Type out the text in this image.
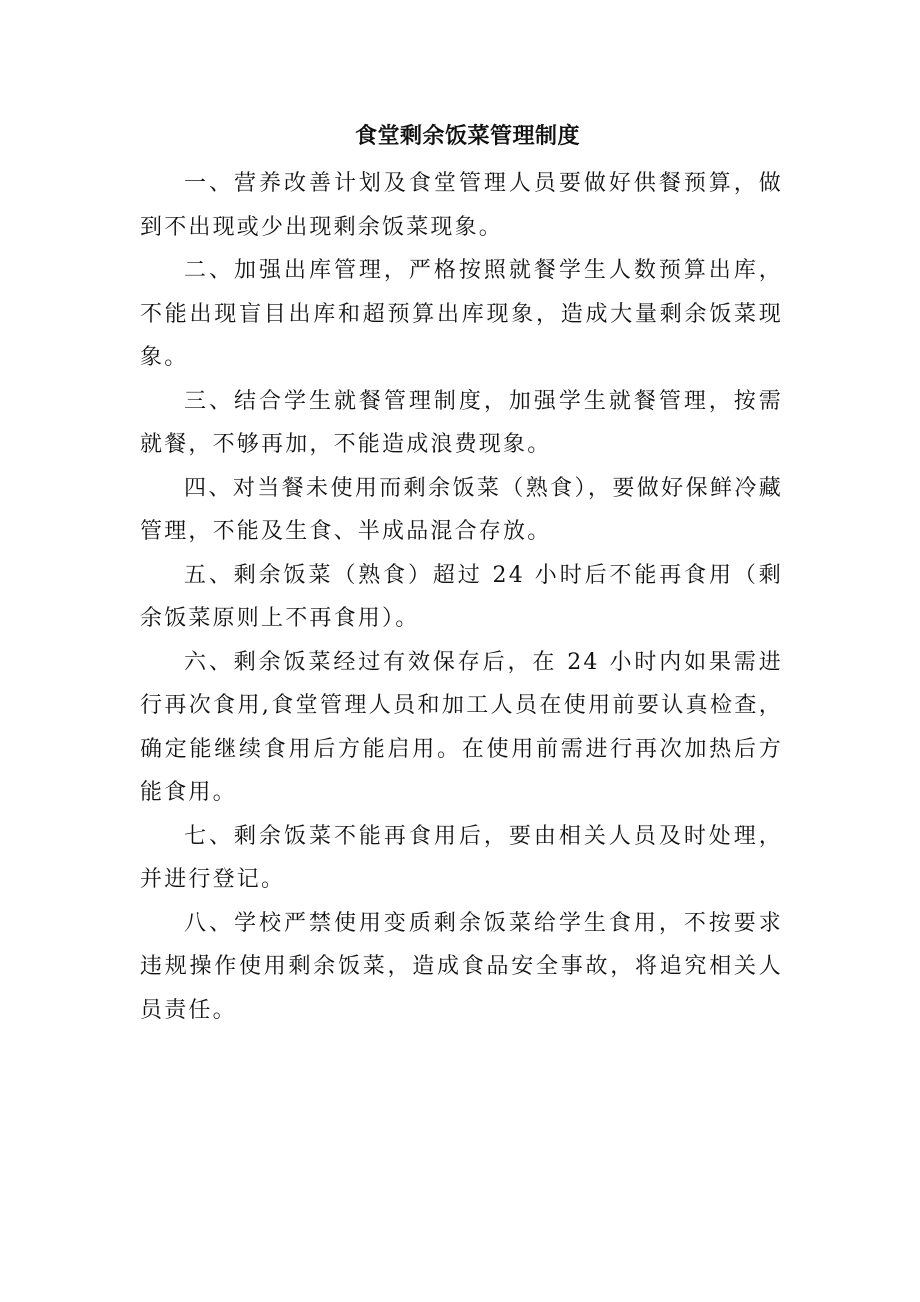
食堂剩余饭菜管理制度

一、营养改善计划及食堂管理人员要做好供餐预算，做到不出现或少出现剩余饭菜现象。

二、加强出库管理，严格按照就餐学生人数预算出库，不能出现盲目出库和超预算出库现象，造成大量剩余饭菜现象。

三、结合学生就餐管理制度，加强学生就餐管理，按需就餐，不够再加，不能造成浪费现象。

四、对当餐未使用而剩余饭菜（熟食），要做好保鲜冷藏管理，不能及生食、半成品混合存放。

五、剩余饭菜（熟食）超过 24 小时后不能再食用（剩余饭菜原则上不再食用）。

六、剩余饭菜经过有效保存后，在 24 小时内如果需进行再次食用,食堂管理人员和加工人员在使用前要认真检查，确定能继续食用后方能启用。在使用前需进行再次加热后方能食用。

七、剩余饭菜不能再食用后，要由相关人员及时处理，并进行登记。

八、学校严禁使用变质剩余饭菜给学生食用，不按要求违规操作使用剩余饭菜，造成食品安全事故，将追究相关人员责任。
